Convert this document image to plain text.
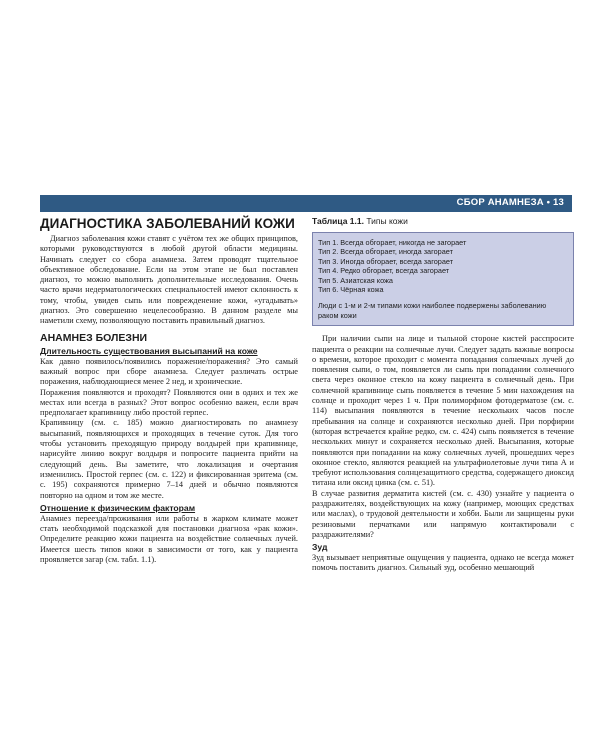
СБОР АНАМНЕЗА • 13
ДИАГНОСТИКА ЗАБОЛЕВАНИЙ КОЖИ

Диагноз заболевания кожи ставят с учётом тех же общих принципов, которыми руководствуются в любой другой области медицины. Начинать следует со сбора анамнеза. Затем проводят тщательное объективное обследование. Если на этом этапе не был поставлен диагноз, то можно выполнить дополнительные исследования. Очень часто врачи недерматологических специальностей имеют склонность к тому, чтобы, увидев сыпь или поврежденение кожи, «угадывать» диагноз. Это совершенно нецелесообразно. В данном разделе мы наметили схему, позволяющую поставить правильный диагноз.

АНАМНЕЗ БОЛЕЗНИ
Длительность существования высыпаний на коже

Как давно появилось/появились поражение/поражения? Это самый важный вопрос при сборе анамнеза. Следует различать острые поражения, наблюдающиеся менее 2 нед, и хронические.

Поражения появляются и проходят? Появляются они в одних и тех же местах или всегда в разных? Этот вопрос особенно важен, если врач предполагает крапивницу либо простой герпес.

Крапивницу (см. с. 185) можно диагностировать по анамнезу высыпаний, появляющихся и проходящих в течение суток. Для того чтобы установить преходящую природу волдырей при крапивнице, нарисуйте линию вокруг волдыря и попросите пациента прийти на следующий день. Вы заметите, что локализация и очертания изменились. Простой герпес (см. с. 122) и фиксированная эритема (см. с. 195) сохраняются примерно 7–14 дней и обычно появляются повторно на одном и том же месте.

Отношение к физическим факторам

Анамнез переезда/проживания или работы в жарком климате может стать необходимой подсказкой для постановки диагноза «рак кожи». Определите реакцию кожи пациента на воздействие солнечных лучей. Имеется шесть типов кожи в зависимости от того, как у пациента проявляется загар (см. табл. 1.1).

Таблица 1.1. Типы кожи
Тип 1. Всегда обгорает, никогда не загорает
Тип 2. Всегда обгорает, иногда загорает
Тип 3. Иногда обгорает, всегда загорает
Тип 4. Редко обгорает, всегда загорает
Тип 5. Азиатская кожа
Тип 6. Чёрная кожа

Люди с 1-м и 2-м типами кожи наиболее подвержены заболеванию раком кожи

При наличии сыпи на лице и тыльной стороне кистей расспросите пациента о реакции на солнечные лучи. Следует задать важные вопросы о времени, которое проходит с момента попадания солнечных лучей до появления сыпи, о том, появляется ли сыпь при попадании солнечного света через оконное стекло на кожу пациента в солнечный день. При солнечной крапивнице сыпь появляется в течение 5 мин нахождения на солнце и проходит через 1 ч. При полиморфном фотодерматозе (см. с. 114) высыпания появляются в течение нескольких часов после пребывания на солнце и сохраняются несколько дней. При порфирии (которая встречается крайне редко, см. с. 424) сыпь появляется в течение нескольких минут и сохраняется несколько дней. Высыпания, которые появляются при попадании на кожу солнечных лучей, прошедших через оконное стекло, являются реакцией на ультрафиолетовые лучи типа А и требуют использования солнцезащитного средства, содержащего диоксид титана или оксид цинка (см. с. 51).

В случае развития дерматита кистей (см. с. 430) узнайте у пациента о раздражителях, воздействующих на кожу (например, моющих средствах или маслах), о трудовой деятельности и хобби. Были ли защищены руки резиновыми перчатками или напрямую контактировали с раздражителями?

Зуд

Зуд вызывает неприятные ощущения у пациента, однако не всегда может помочь поставить диагноз. Сильный зуд, особенно мешающий
